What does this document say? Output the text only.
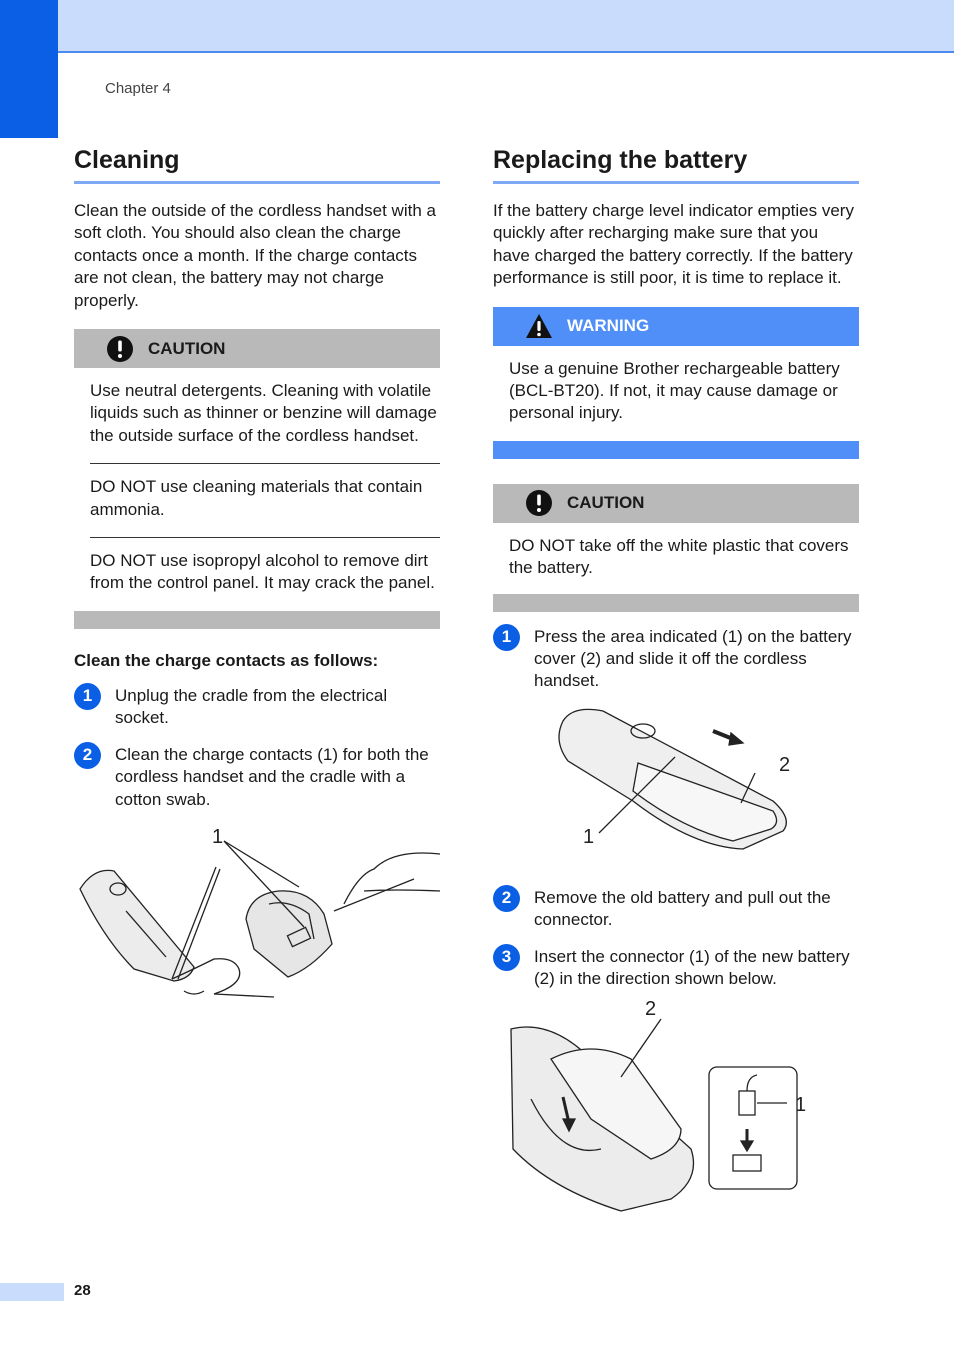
Chapter 4
Cleaning

Clean the outside of the cordless handset with a soft cloth. You should also clean the charge contacts once a month. If the charge contacts are not clean, the battery may not charge properly.

CAUTION
Use neutral detergents. Cleaning with volatile liquids such as thinner or benzine will damage the outside surface of the cordless handset.
DO NOT use cleaning materials that contain ammonia.
DO NOT use isopropyl alcohol to remove dirt from the control panel. It may crack the panel.
Clean the charge contacts as follows:
1	Unplug the cradle from the electrical socket.
2	Clean the charge contacts (1) for both the cordless handset and the cradle with a cotton swab.
1
Replacing the battery

If the battery charge level indicator empties very quickly after recharging make sure that you have charged the battery correctly. If the battery performance is still poor, it is time to replace it.

WARNING
Use a genuine Brother rechargeable battery (BCL-BT20). If not, it may cause damage or personal injury.
CAUTION
DO NOT take off the white plastic that covers the battery.
1	Press the area indicated (1) on the battery cover (2) and slide it off the cordless handset.
2
1
2	Remove the old battery and pull out the connector.
3	Insert the connector (1) of the new battery (2) in the direction shown below.
2
1
28
